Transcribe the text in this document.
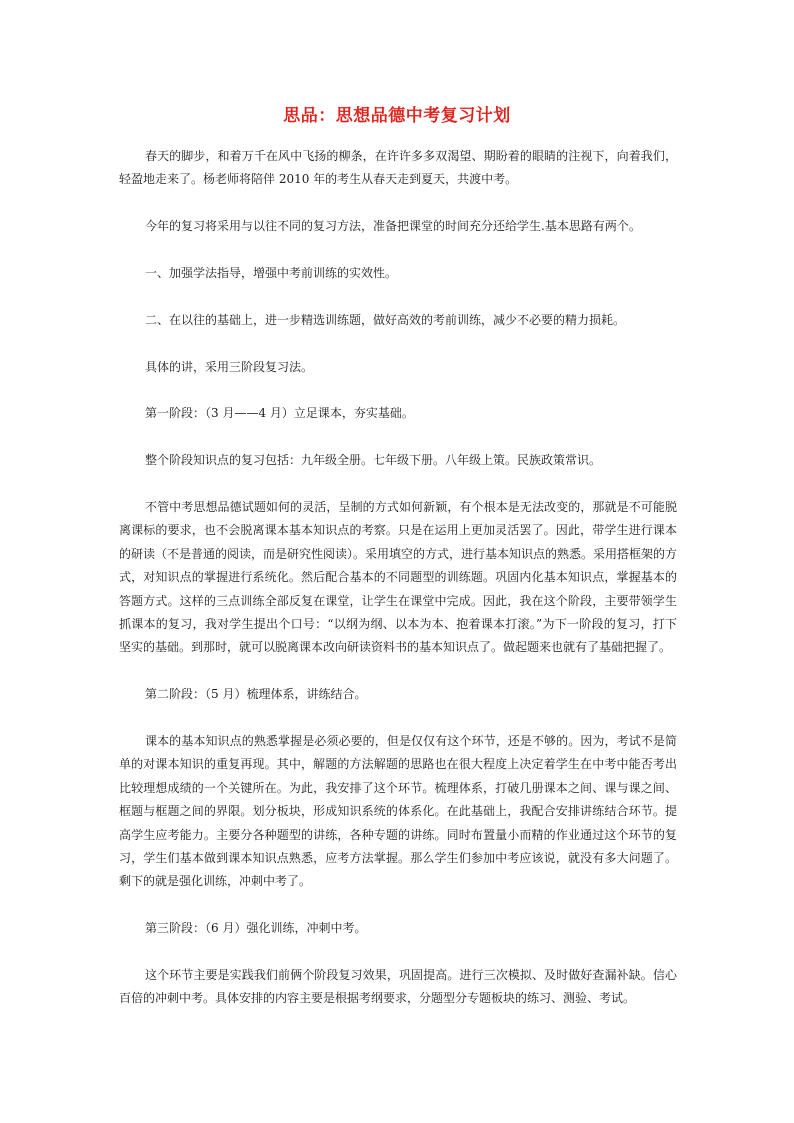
思品：思想品德中考复习计划

春天的脚步，和着万千在风中飞扬的柳条，在许许多多双渴望、期盼着的眼睛的注视下，向着我们，轻盈地走来了。杨老师将陪伴 2010 年的考生从春天走到夏天，共渡中考。

今年的复习将采用与以往不同的复习方法，准备把课堂的时间充分还给学生.基本思路有两个。

一、加强学法指导，增强中考前训练的实效性。

二、在以往的基础上，进一步精选训练题，做好高效的考前训练，减少不必要的精力损耗。

具体的讲，采用三阶段复习法。

第一阶段：（3 月——4 月）立足课本，夯实基础。

整个阶段知识点的复习包括：九年级全册。七年级下册。八年级上策。民族政策常识。

不管中考思想品德试题如何的灵活，呈制的方式如何新颖，有个根本是无法改变的，那就是不可能脱离课标的要求，也不会脱离课本基本知识点的考察。只是在运用上更加灵活罢了。因此，带学生进行课本的研读（不是普通的阅读，而是研究性阅读）。采用填空的方式，进行基本知识点的熟悉。采用搭框架的方式，对知识点的掌握进行系统化。然后配合基本的不同题型的训练题。巩固内化基本知识点，掌握基本的答题方式。这样的三点训练全部反复在课堂，让学生在课堂中完成。因此，我在这个阶段，主要带领学生抓课本的复习，我对学生提出个口号：“以纲为纲、以本为本、抱着课本打滚。”为下一阶段的复习，打下坚实的基础。到那时，就可以脱离课本改向研读资料书的基本知识点了。做起题来也就有了基础把握了。

第二阶段：（5 月）梳理体系，讲练结合。

课本的基本知识点的熟悉掌握是必须必要的，但是仅仅有这个环节，还是不够的。因为，考试不是简单的对课本知识的重复再现。其中，解题的方法解题的思路也在很大程度上决定着学生在中考中能否考出比较理想成绩的一个关键所在。为此，我安排了这个环节。梳理体系，打破几册课本之间、课与课之间、框题与框题之间的界限。划分板块，形成知识系统的体系化。在此基础上，我配合安排讲练结合环节。提高学生应考能力。主要分各种题型的讲练，各种专题的讲练。同时布置量小而精的作业通过这个环节的复习，学生们基本做到课本知识点熟悉，应考方法掌握。那么学生们参加中考应该说，就没有多大问题了。剩下的就是强化训练，冲刺中考了。

第三阶段：（6 月）强化训练，冲刺中考。

这个环节主要是实践我们前俩个阶段复习效果，巩固提高。进行三次模拟、及时做好查漏补缺。信心百倍的冲刺中考。具体安排的内容主要是根据考纲要求，分题型分专题板块的练习、测验、考试。
